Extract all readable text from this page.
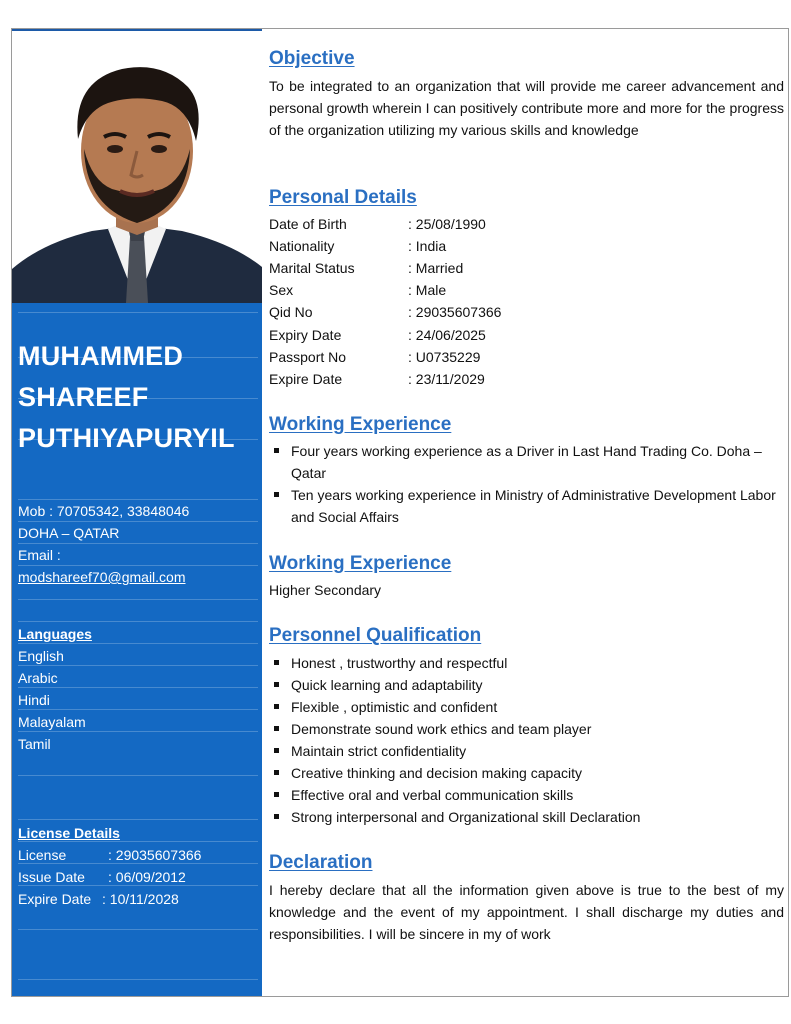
MUHAMMED
SHAREEF
PUTHIYAPURYIL
Mob : 70705342, 33848046
DOHA – QATAR
Email :
modshareef70@gmail.com
Languages
English
Arabic
Hindi
Malayalam
Tamil
License Details
License	: 29035607366
Issue Date : 06/09/2012
Expire Date : 10/11/2028
Objective
To be integrated to an organization that will provide me career advancement and personal growth wherein I can positively contribute more and more for the progress of the organization utilizing my various skills and knowledge
Personal Details
Date of Birth	: 25/08/1990
Nationality	: India
Marital Status	: Married
Sex	: Male
Qid No	: 29035607366
Expiry Date	: 24/06/2025
Passport No	: U0735229
Expire Date	: 23/11/2029
Working Experience
Four years working experience as a Driver in Last Hand Trading Co. Doha – Qatar
Ten years working experience in Ministry of Administrative Development Labor and Social Affairs
Working Experience
Higher Secondary
Personnel Qualification
Honest , trustworthy and respectful
Quick learning and adaptability
Flexible , optimistic and confident
Demonstrate sound work ethics and team player
Maintain strict confidentiality
Creative thinking and decision making capacity
Effective oral and verbal communication skills
Strong interpersonal and Organizational skill Declaration
Declaration
I hereby declare that all the information given above is true to the best of my knowledge and the event of my appointment. I shall discharge my duties and responsibilities. I will be sincere in my of work
